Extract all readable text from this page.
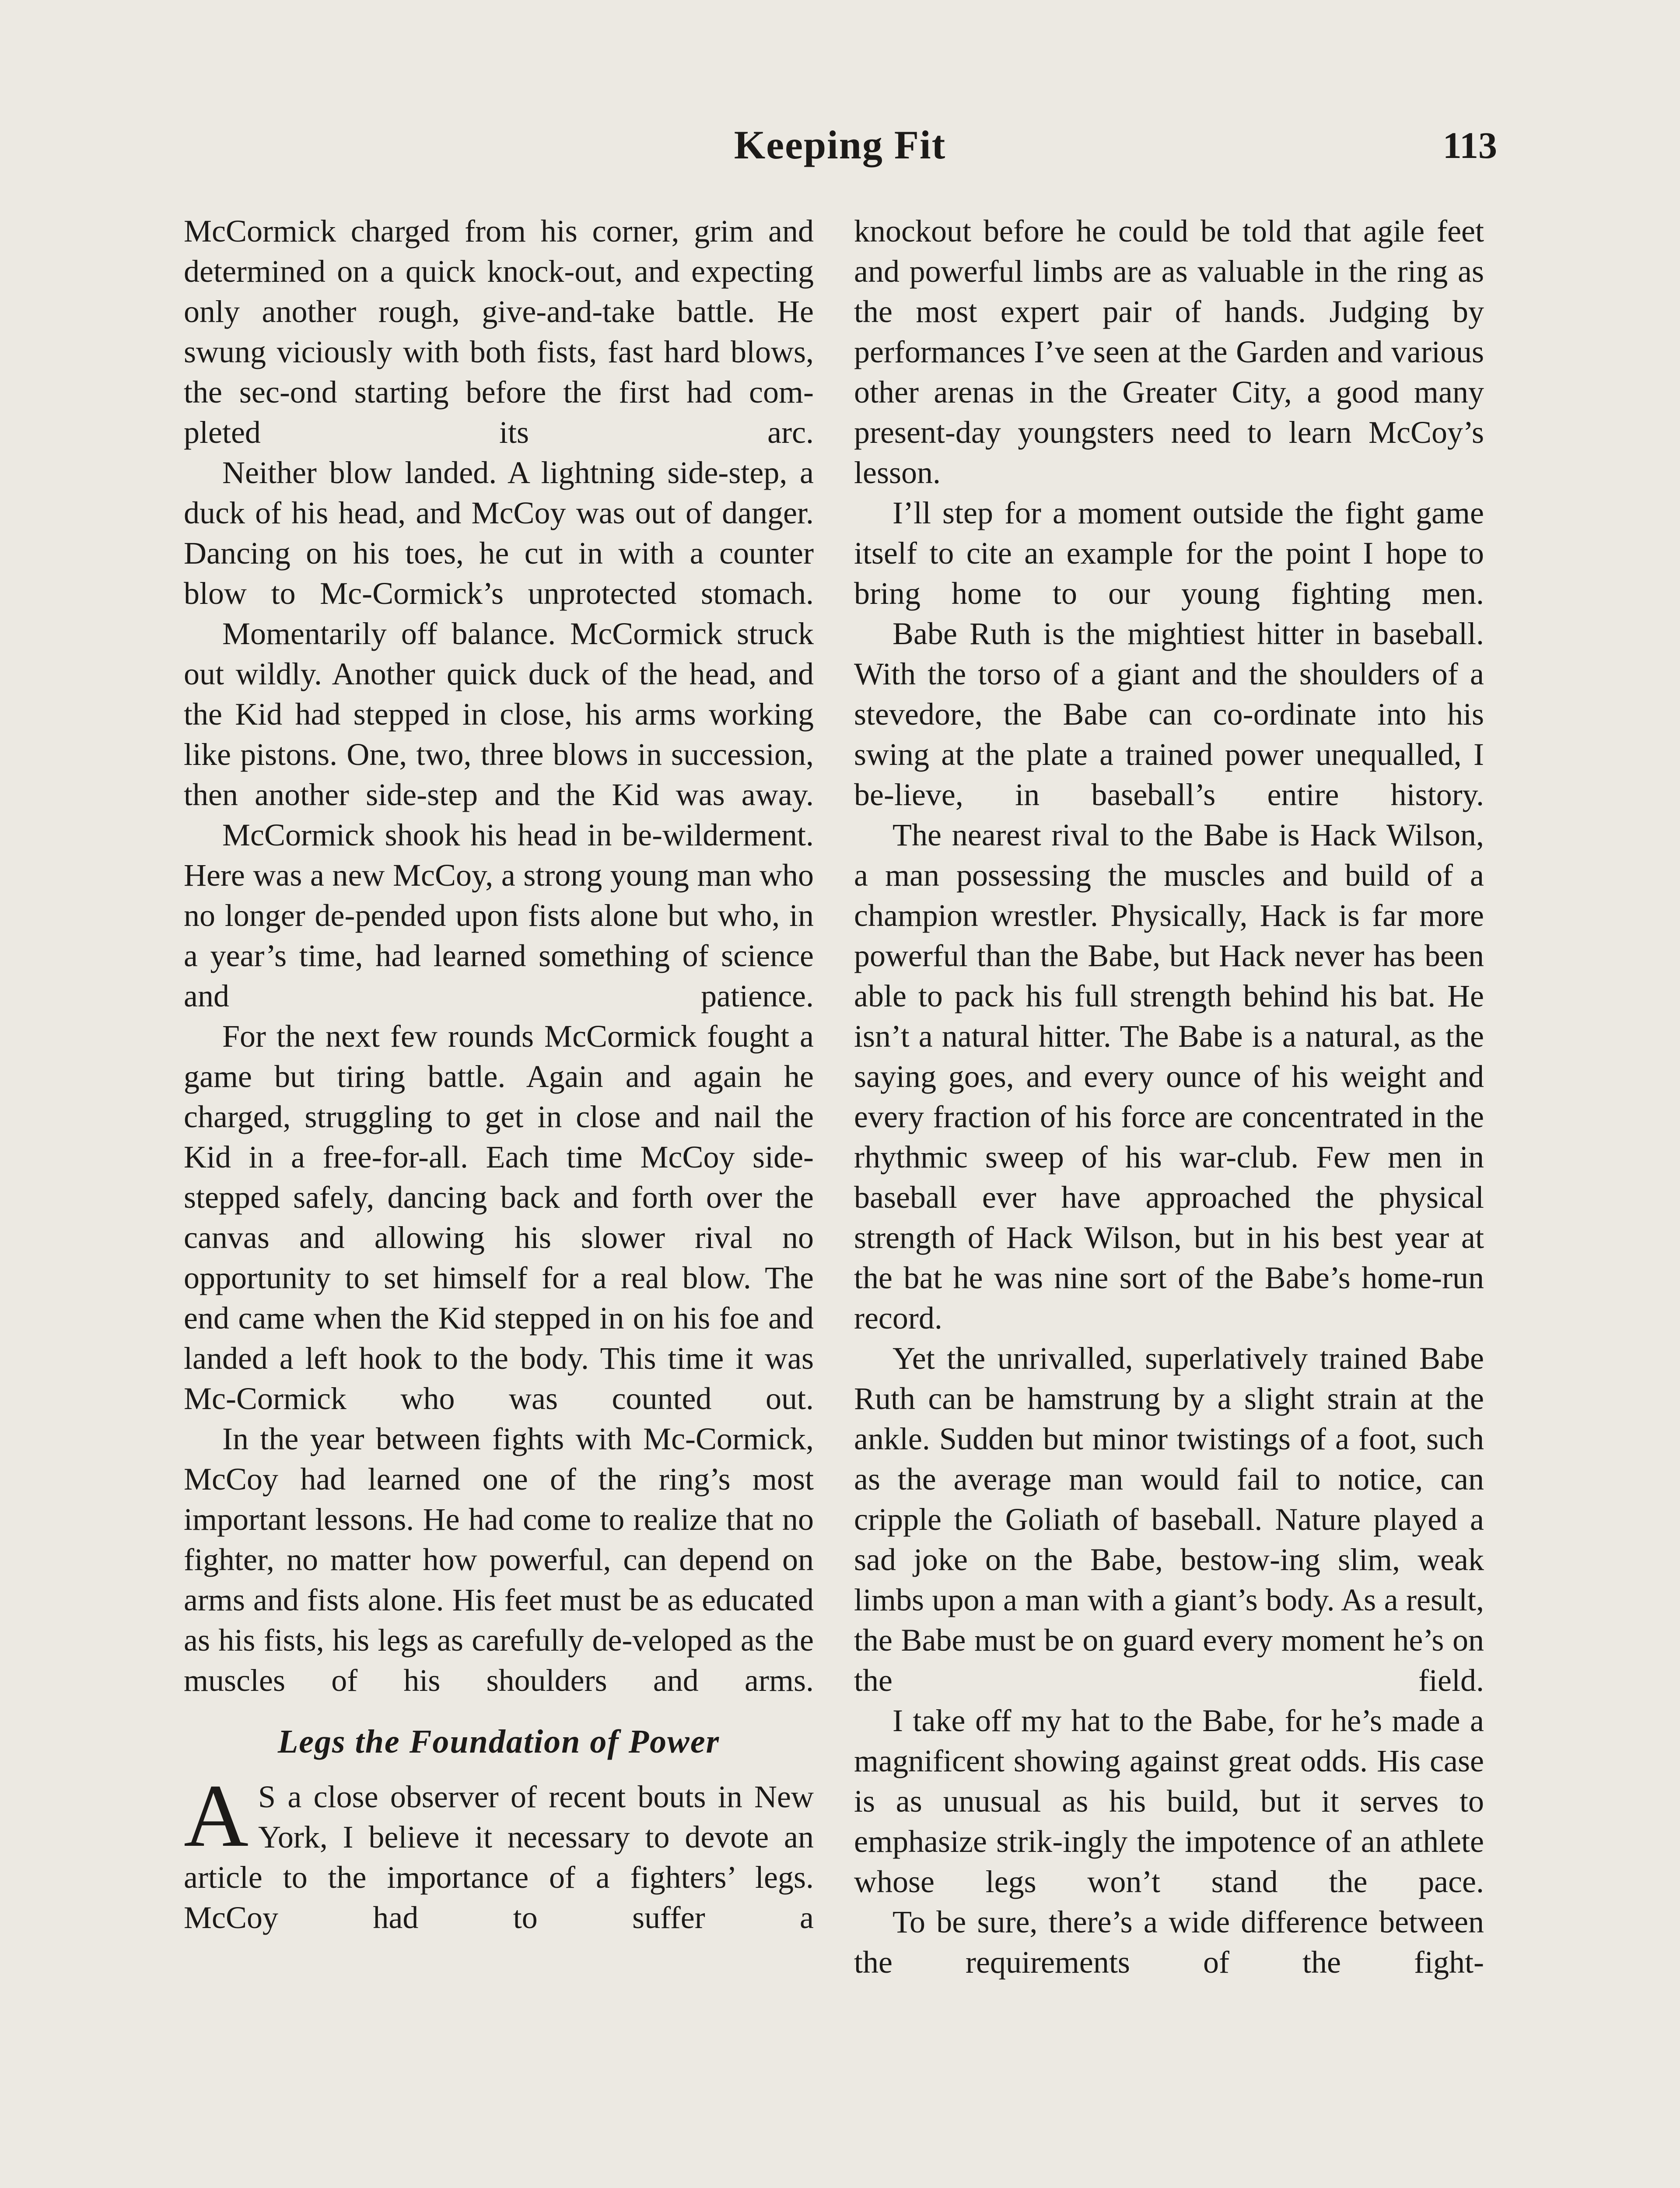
Keeping Fit	113

McCormick charged from his corner, grim and determined on a quick knock-out, and expecting only another rough, give-and-take battle. He swung viciously with both fists, fast hard blows, the sec-ond starting before the first had com-pleted its arc.

Neither blow landed. A lightning side-step, a duck of his head, and McCoy was out of danger. Dancing on his toes, he cut in with a counter blow to Mc-Cormick’s unprotected stomach.

Momentarily off balance. McCormick struck out wildly. Another quick duck of the head, and the Kid had stepped in close, his arms working like pistons. One, two, three blows in succession, then another side-step and the Kid was away.

McCormick shook his head in be-wilderment. Here was a new McCoy, a strong young man who no longer de-pended upon fists alone but who, in a year’s time, had learned something of science and patience.

For the next few rounds McCormick fought a game but tiring battle. Again and again he charged, struggling to get in close and nail the Kid in a free-for-all. Each time McCoy side-stepped safely, dancing back and forth over the canvas and allowing his slower rival no opportunity to set himself for a real blow. The end came when the Kid stepped in on his foe and landed a left hook to the body. This time it was Mc-Cormick who was counted out.

In the year between fights with Mc-Cormick, McCoy had learned one of the ring’s most important lessons. He had come to realize that no fighter, no matter how powerful, can depend on arms and fists alone. His feet must be as educated as his fists, his legs as carefully de-veloped as the muscles of his shoulders and arms.

Legs the Foundation of Power

A S a close observer of recent bouts in New York, I believe it necessary to devote an article to the importance of a fighters’ legs. McCoy had to suffer a

knockout before he could be told that agile feet and powerful limbs are as valuable in the ring as the most expert pair of hands. Judging by performances I’ve seen at the Garden and various other arenas in the Greater City, a good many present-day youngsters need to learn McCoy’s lesson.

I’ll step for a moment outside the fight game itself to cite an example for the point I hope to bring home to our young fighting men.

Babe Ruth is the mightiest hitter in baseball. With the torso of a giant and the shoulders of a stevedore, the Babe can co-ordinate into his swing at the plate a trained power unequalled, I be-lieve, in baseball’s entire history.

The nearest rival to the Babe is Hack Wilson, a man possessing the muscles and build of a champion wrestler. Physically, Hack is far more powerful than the Babe, but Hack never has been able to pack his full strength behind his bat. He isn’t a natural hitter. The Babe is a natural, as the saying goes, and every ounce of his weight and every fraction of his force are concentrated in the rhythmic sweep of his war-club. Few men in baseball ever have approached the physical strength of Hack Wilson, but in his best year at the bat he was nine sort of the Babe’s home-run record.

Yet the unrivalled, superlatively trained Babe Ruth can be hamstrung by a slight strain at the ankle. Sudden but minor twistings of a foot, such as the average man would fail to notice, can cripple the Goliath of baseball. Nature played a sad joke on the Babe, bestow-ing slim, weak limbs upon a man with a giant’s body. As a result, the Babe must be on guard every moment he’s on the field.

I take off my hat to the Babe, for he’s made a magnificent showing against great odds. His case is as unusual as his build, but it serves to emphasize strik-ingly the impotence of an athlete whose legs won’t stand the pace.

To be sure, there’s a wide difference between the requirements of the fight-
